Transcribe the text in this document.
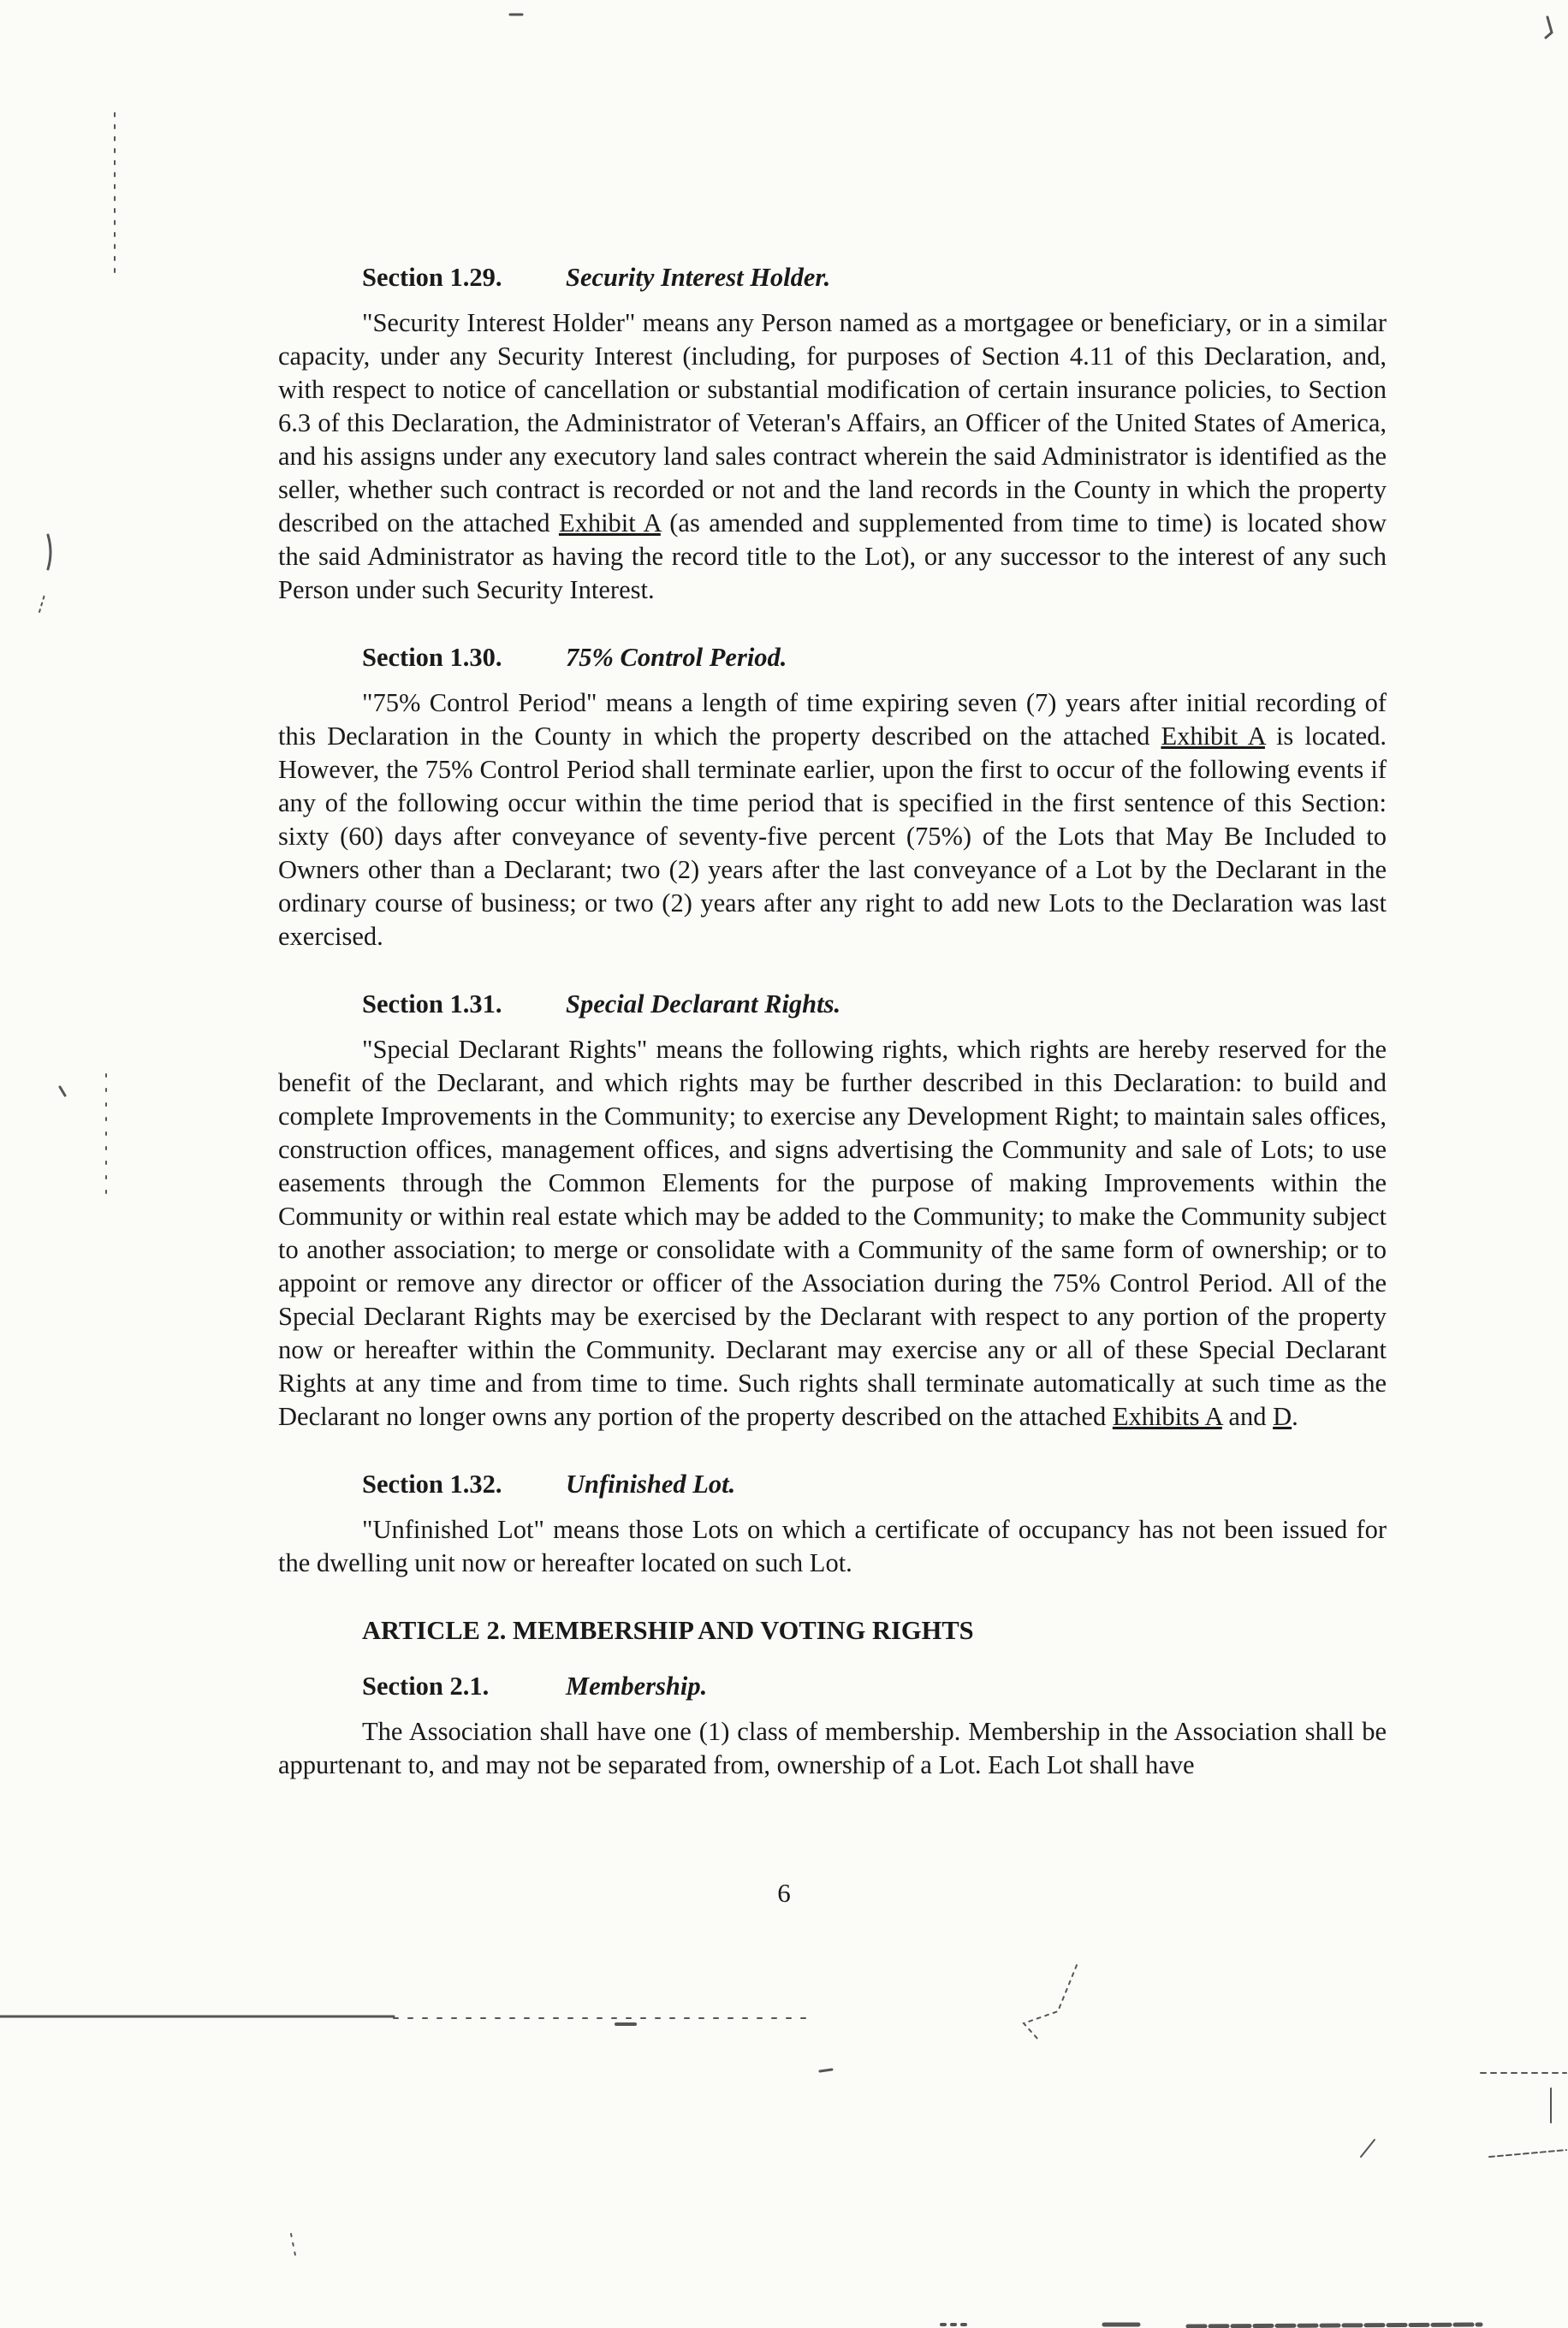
Section 1.29. Security Interest Holder.

"Security Interest Holder" means any Person named as a mortgagee or beneficiary, or in a similar capacity, under any Security Interest (including, for purposes of Section 4.11 of this Declaration, and, with respect to notice of cancellation or substantial modification of certain insurance policies, to Section 6.3 of this Declaration, the Administrator of Veteran's Affairs, an Officer of the United States of America, and his assigns under any executory land sales contract wherein the said Administrator is identified as the seller, whether such contract is recorded or not and the land records in the County in which the property described on the attached Exhibit A (as amended and supplemented from time to time) is located show the said Administrator as having the record title to the Lot), or any successor to the interest of any such Person under such Security Interest.

Section 1.30. 75% Control Period.

"75% Control Period" means a length of time expiring seven (7) years after initial recording of this Declaration in the County in which the property described on the attached Exhibit A is located. However, the 75% Control Period shall terminate earlier, upon the first to occur of the following events if any of the following occur within the time period that is specified in the first sentence of this Section: sixty (60) days after conveyance of seventy-five percent (75%) of the Lots that May Be Included to Owners other than a Declarant; two (2) years after the last conveyance of a Lot by the Declarant in the ordinary course of business; or two (2) years after any right to add new Lots to the Declaration was last exercised.

Section 1.31. Special Declarant Rights.

"Special Declarant Rights" means the following rights, which rights are hereby reserved for the benefit of the Declarant, and which rights may be further described in this Declaration: to build and complete Improvements in the Community; to exercise any Development Right; to maintain sales offices, construction offices, management offices, and signs advertising the Community and sale of Lots; to use easements through the Common Elements for the purpose of making Improvements within the Community or within real estate which may be added to the Community; to make the Community subject to another association; to merge or consolidate with a Community of the same form of ownership; or to appoint or remove any director or officer of the Association during the 75% Control Period. All of the Special Declarant Rights may be exercised by the Declarant with respect to any portion of the property now or hereafter within the Community. Declarant may exercise any or all of these Special Declarant Rights at any time and from time to time. Such rights shall terminate automatically at such time as the Declarant no longer owns any portion of the property described on the attached Exhibits A and D.

Section 1.32. Unfinished Lot.

"Unfinished Lot" means those Lots on which a certificate of occupancy has not been issued for the dwelling unit now or hereafter located on such Lot.

ARTICLE 2. MEMBERSHIP AND VOTING RIGHTS
Section 2.1.	Membership.

The Association shall have one (1) class of membership. Membership in the Association shall be appurtenant to, and may not be separated from, ownership of a Lot. Each Lot shall have

6
